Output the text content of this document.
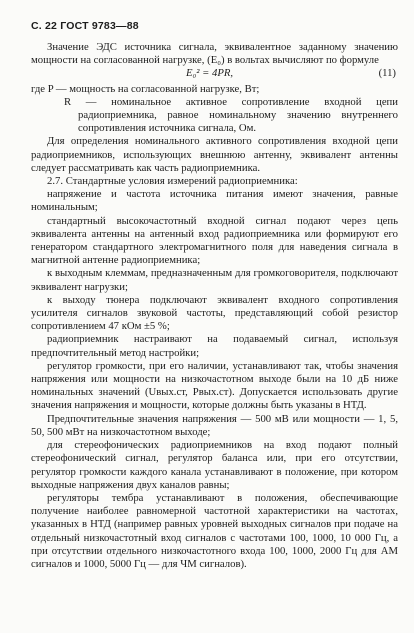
С. 22 ГОСТ 9783—88

Значение ЭДС источника сигнала, эквивалентное заданному значению мощности на согласованной нагрузке, (E₀) в вольтах вычисляют по формуле

E₀² = 4PR,	(11)

где P — мощность на согласованной нагрузке, Вт;

R — номинальное активное сопротивление входной цепи радиоприемника, равное номинальному значению внутреннего сопротивления источника сигнала, Ом.

Для определения номинального активного сопротивления входной цепи радиоприемников, использующих внешнюю антенну, эквивалент антенны следует рассматривать как часть радиоприемника.

2.7. Стандартные условия измерений радиоприемника:

напряжение и частота источника питания имеют значения, равные номинальным;

стандартный высокочастотный входной сигнал подают через цепь эквивалента антенны на антенный вход радиоприемника или формируют его генератором стандартного электромагнитного поля для наведения сигнала в магнитной антенне радиоприемника;

к выходным клеммам, предназначенным для громкоговорителя, подключают эквивалент нагрузки;

к выходу тюнера подключают эквивалент входного сопротивления усилителя сигналов звуковой частоты, представляющий собой резистор сопротивлением 47 кОм ±5 %;

радиоприемник настраивают на подаваемый сигнал, используя предпочтительный метод настройки;

регулятор громкости, при его наличии, устанавливают так, чтобы значения напряжения или мощности на низкочастотном выходе были на 10 дБ ниже номинальных значений (Uвых.ст, Pвых.ст). Допускается использовать другие значения напряжения и мощности, которые должны быть указаны в НТД.

Предпочтительные значения напряжения — 500 мВ или мощности — 1, 5, 50, 500 мВт на низкочастотном выходе;

для стереофонических радиоприемников на вход подают полный стереофонический сигнал, регулятор баланса или, при его отсутствии, регулятор громкости каждого канала устанавливают в положение, при котором выходные напряжения двух каналов равны;

регуляторы тембра устанавливают в положения, обеспечивающие получение наиболее равномерной частотной характеристики на частотах, указанных в НТД (например равных уровней выходных сигналов при подаче на отдельный низкочастотный вход сигналов с частотами 100, 1000, 10 000 Гц, а при отсутствии отдельного низкочастотного входа 100, 1000, 2000 Гц для АМ сигналов и 1000, 5000 Гц — для ЧМ сигналов).
